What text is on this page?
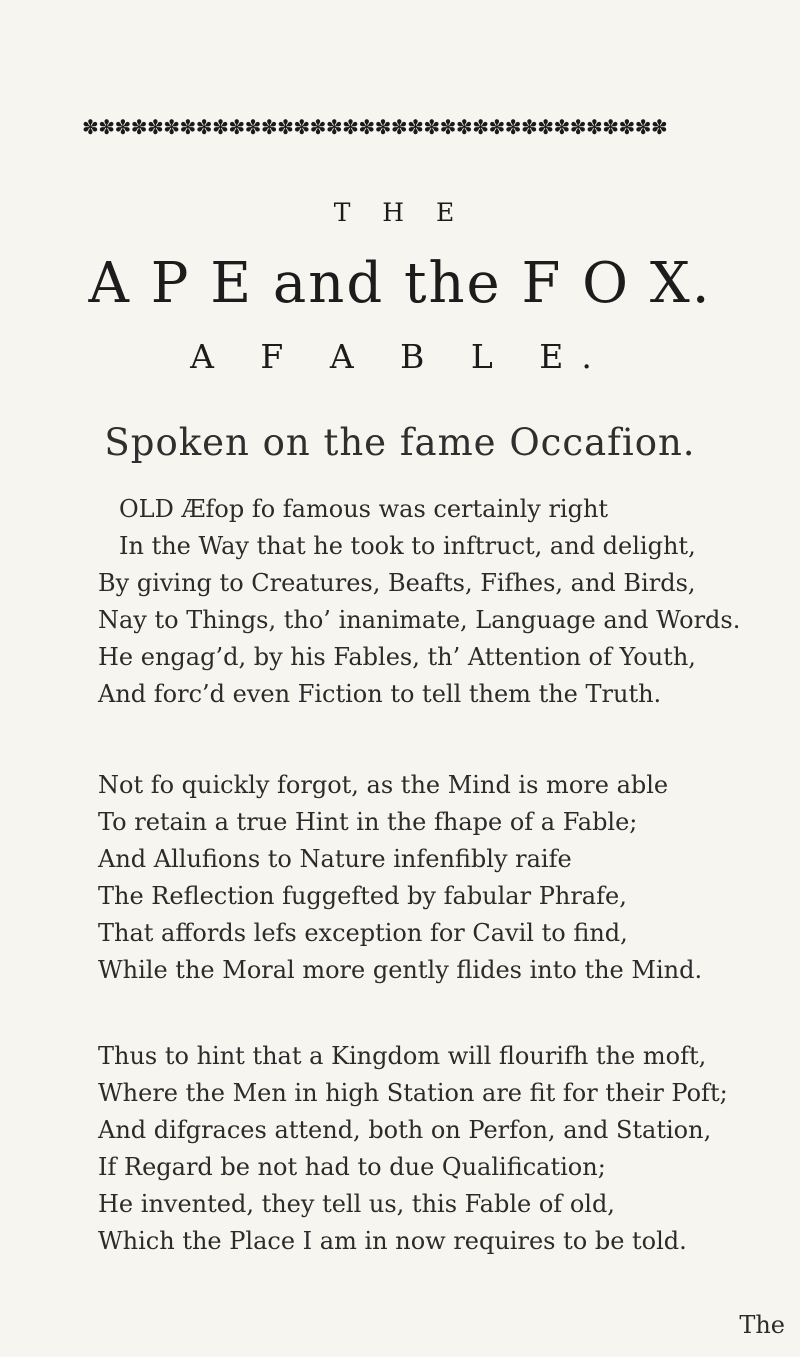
✽✽✽✽✽✽✽✽✽✽✽✽✽✽✽✽✽✽✽✽✽✽✽✽✽✽✽✽✽✽✽✽✽✽✽✽
T H E
A P E and the F O X.
A F A B L E.
Spoken on the fame Occafion.
OLD Æfop fo famous was certainly right
In the Way that he took to inftruct, and delight,
By giving to Creatures, Beafts, Fifhes, and Birds,
Nay to Things, tho’ inanimate, Language and Words.
He engag’d, by his Fables, th’ Attention of Youth,
And forc’d even Fiction to tell them the Truth.
Not fo quickly forgot, as the Mind is more able
To retain a true Hint in the fhape of a Fable;
And Allufions to Nature infenfibly raife
The Reflection fuggefted by fabular Phrafe,
That affords lefs exception for Cavil to find,
While the Moral more gently flides into the Mind.
Thus to hint that a Kingdom will flourifh the moft,
Where the Men in high Station are fit for their Poft;
And difgraces attend, both on Perfon, and Station,
If Regard be not had to due Qualification;
He invented, they tell us, this Fable of old,
Which the Place I am in now requires to be told.
The
